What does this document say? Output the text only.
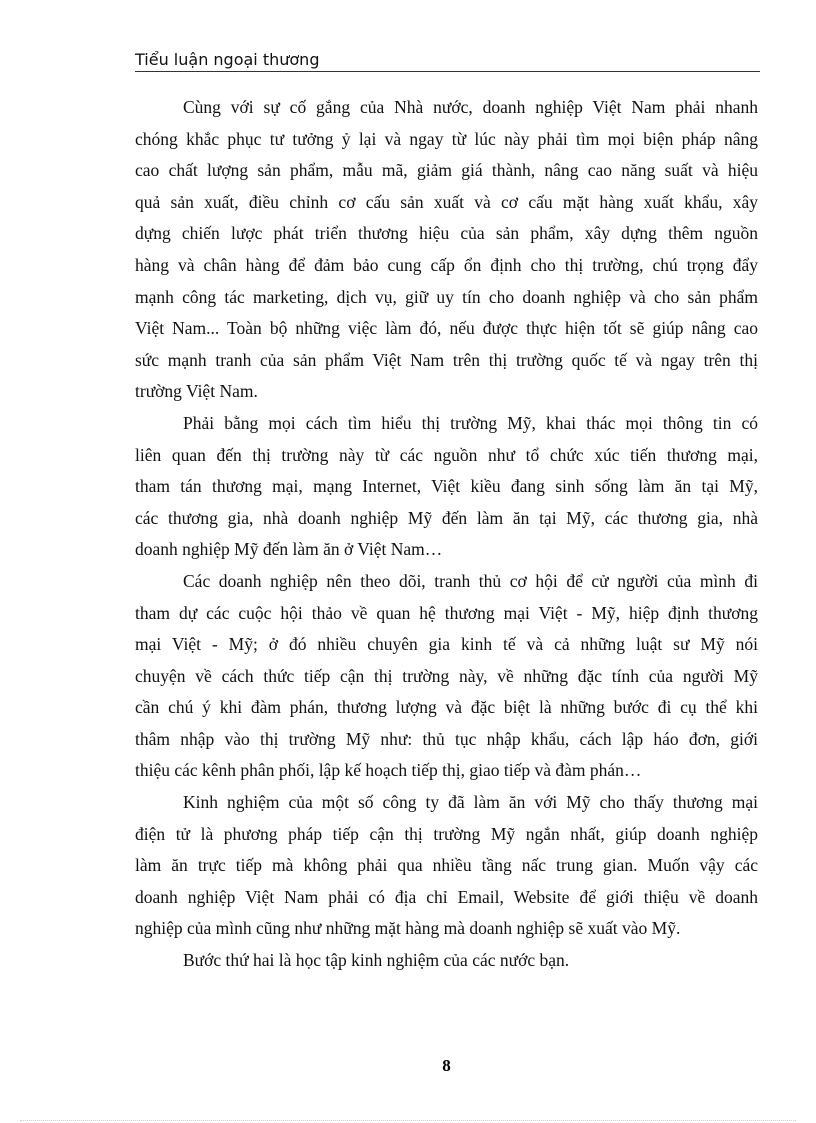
Tiểu luận ngoại thương
Cùng với sự cố gắng của Nhà nước, doanh nghiệp Việt Nam phải nhanh
chóng khắc phục tư tưởng ỷ lại và ngay từ lúc này phải tìm mọi biện pháp nâng
cao chất lượng sản phẩm, mẫu mã, giảm giá thành, nâng cao năng suất và hiệu
quả sản xuất, điều chỉnh cơ cấu sản xuất và cơ cấu mặt hàng xuất khẩu, xây
dựng chiến lược phát triển thương hiệu của sản phẩm, xây dựng thêm nguồn
hàng và chân hàng để đảm bảo cung cấp ổn định cho thị trường, chú trọng đẩy
mạnh công tác marketing, dịch vụ, giữ uy tín cho doanh nghiệp và cho sản phẩm
Việt Nam... Toàn bộ những việc làm đó, nếu được thực hiện tốt sẽ giúp nâng cao
sức mạnh tranh của sản phẩm Việt Nam trên thị trường quốc tế và ngay trên thị
trường Việt Nam.
Phải bằng mọi cách tìm hiểu thị trường Mỹ, khai thác mọi thông tin có
liên quan đến thị trường này từ các nguồn như tổ chức xúc tiến thương mại,
tham tán thương mại, mạng Internet, Việt kiều đang sinh sống làm ăn tại Mỹ,
các thương gia, nhà doanh nghiệp Mỹ đến làm ăn tại Mỹ, các thương gia, nhà
doanh nghiệp Mỹ đến làm ăn ở Việt Nam…
Các doanh nghiệp nên theo dõi, tranh thủ cơ hội để cử người của mình đi
tham dự các cuộc hội thảo về quan hệ thương mại Việt - Mỹ, hiệp định thương
mại Việt - Mỹ; ở đó nhiều chuyên gia kinh tế và cả những luật sư Mỹ nói
chuyện về cách thức tiếp cận thị trường này, về những đặc tính của người Mỹ
cần chú ý khi đàm phán, thương lượng và đặc biệt là những bước đi cụ thể khi
thâm nhập vào thị trường Mỹ như: thủ tục nhập khẩu, cách lập háo đơn, giới
thiệu các kênh phân phối, lập kế hoạch tiếp thị, giao tiếp và đàm phán…
Kinh nghiệm của một số công ty đã làm ăn với Mỹ cho thấy thương mại
điện tử là phương pháp tiếp cận thị trường Mỹ ngắn nhất, giúp doanh nghiệp
làm ăn trực tiếp mà không phải qua nhiều tầng nấc trung gian. Muốn vậy các
doanh nghiệp Việt Nam phải có địa chỉ Email, Website để giới thiệu về doanh
nghiệp của mình cũng như những mặt hàng mà doanh nghiệp sẽ xuất vào Mỹ.
Bước thứ hai là học tập kinh nghiệm của các nước bạn.
8
